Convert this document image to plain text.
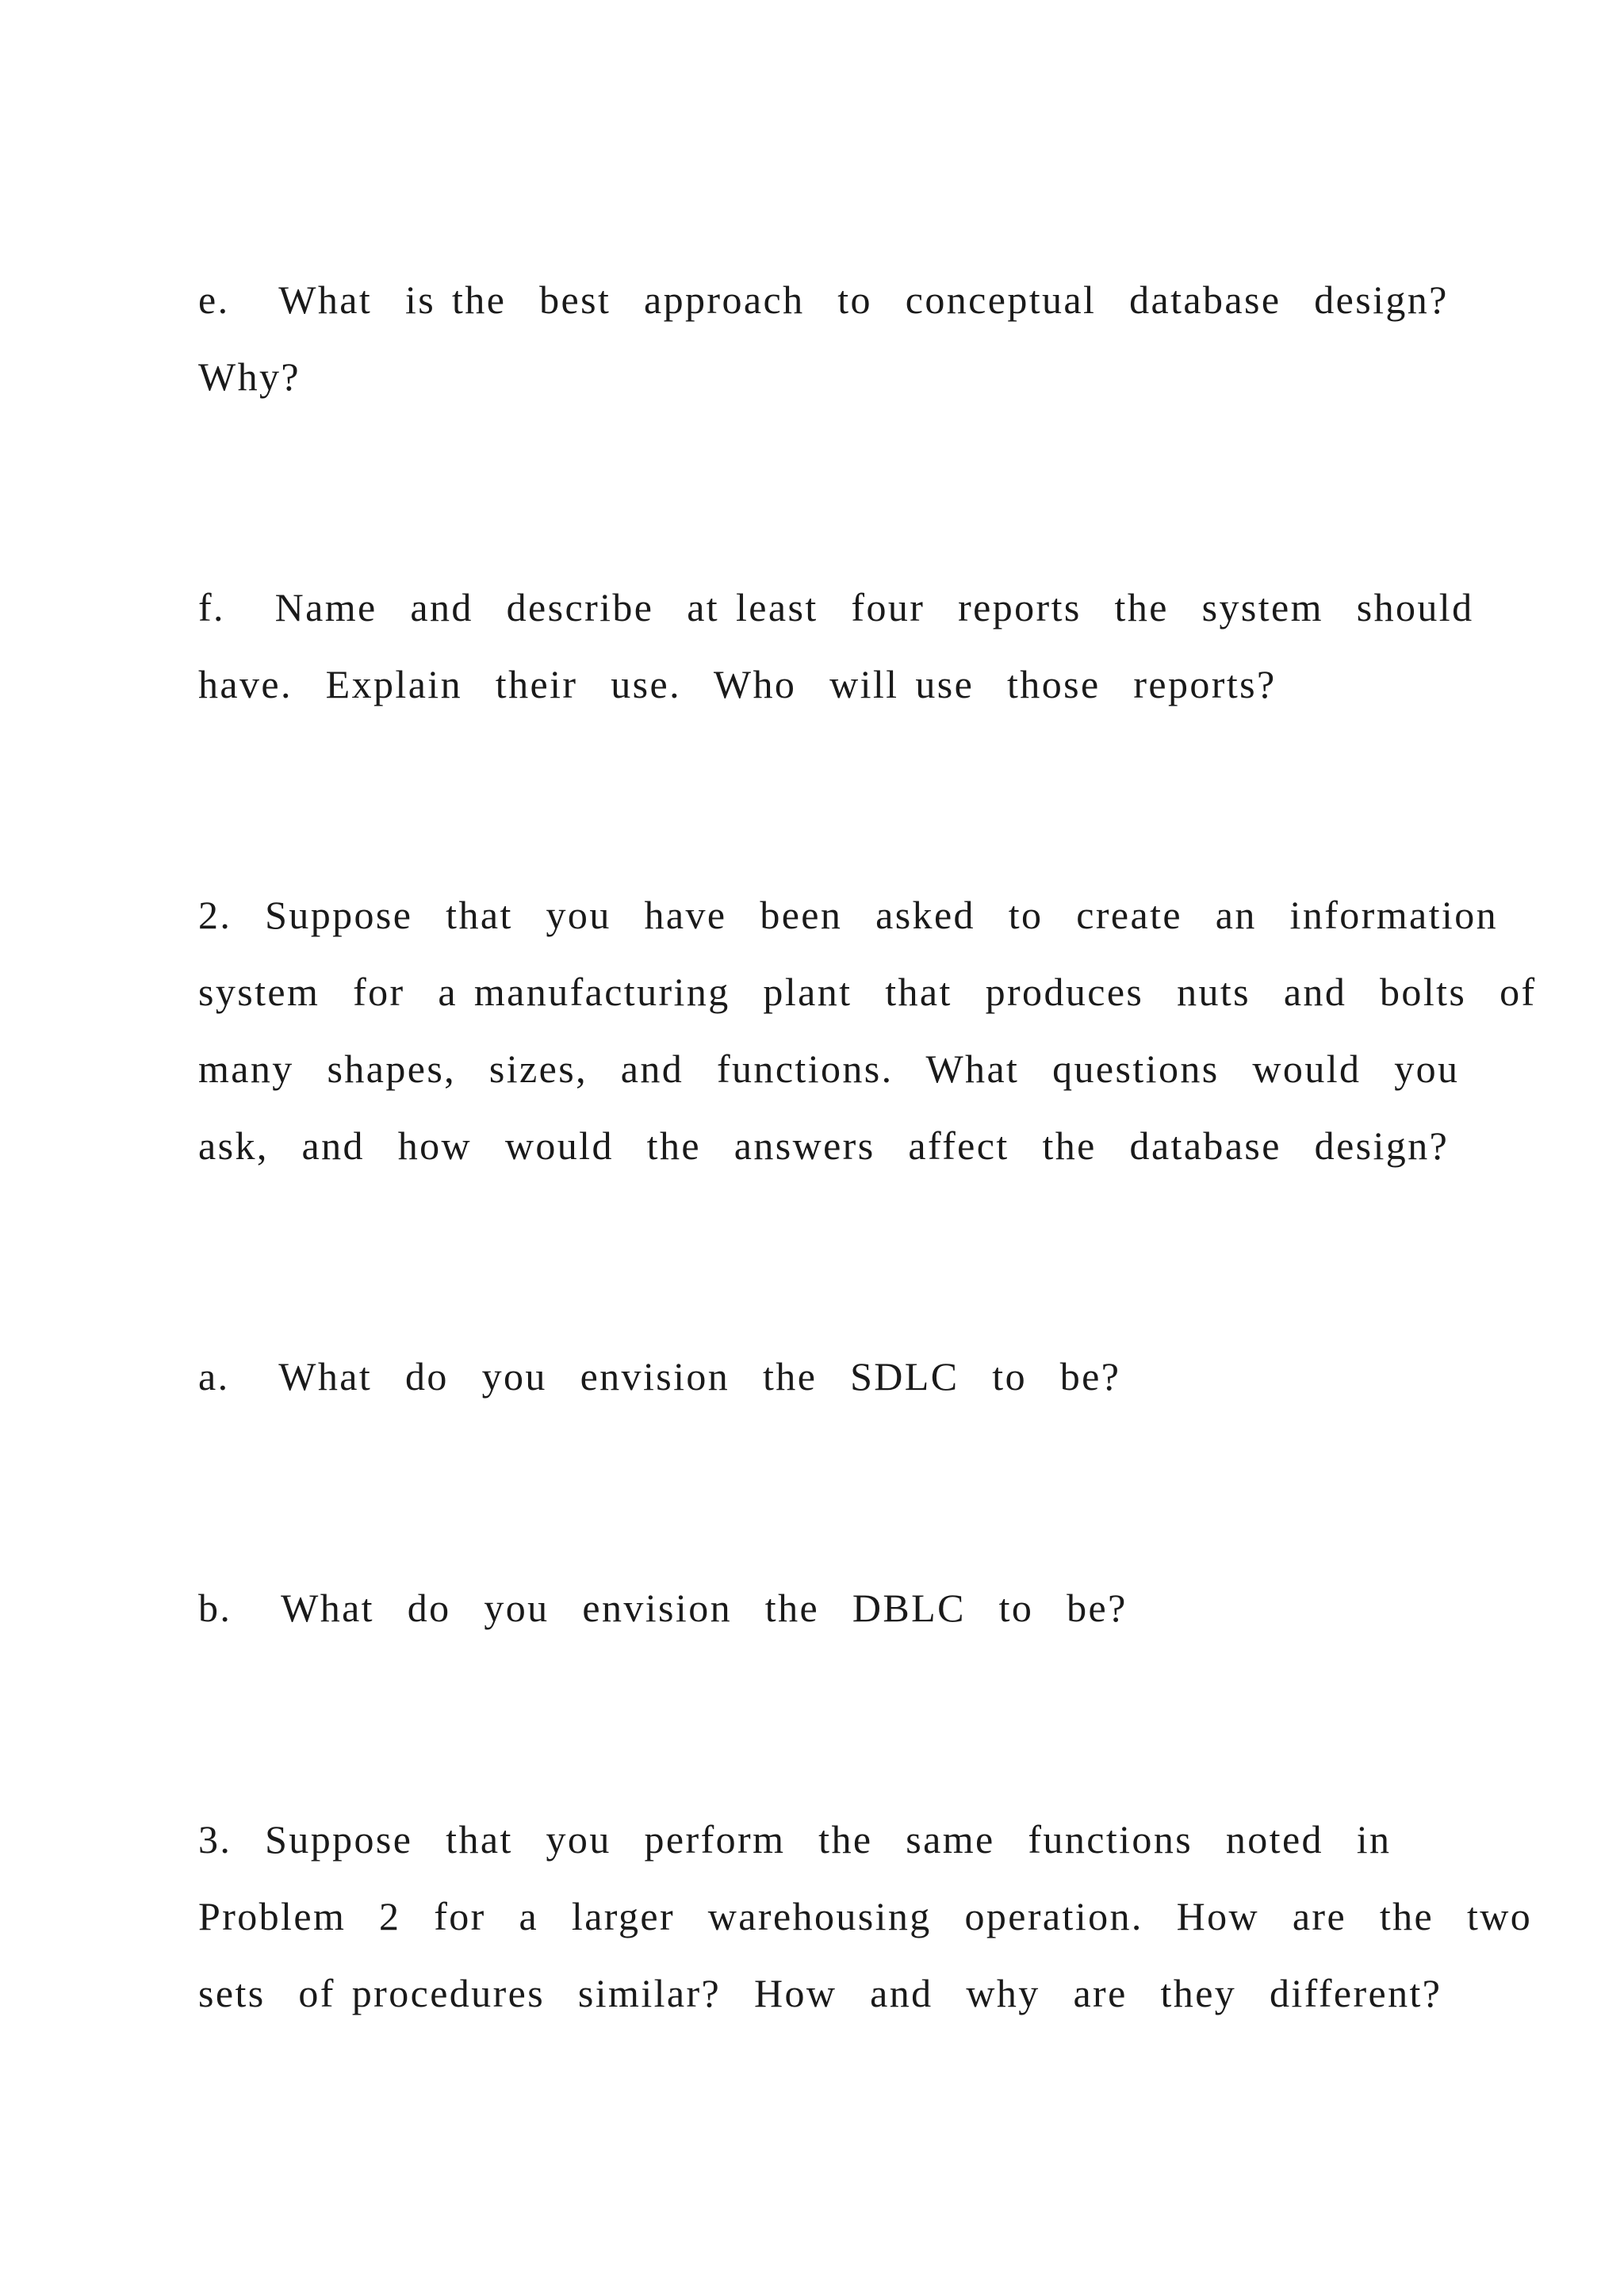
e.   What  is the  best  approach  to  conceptual  database  design?
Why?
f.   Name  and  describe  at least  four  reports  the  system  should
have.  Explain  their  use.  Who  will use  those  reports?
2.  Suppose  that  you  have  been  asked  to  create  an  information
system  for  a manufacturing  plant  that  produces  nuts  and  bolts  of
many  shapes,  sizes,  and  functions.  What  questions  would  you
ask,  and  how  would  the  answers  affect  the  database  design?
a.   What  do  you  envision  the  SDLC  to  be?
b.   What  do  you  envision  the  DBLC  to  be?
3.  Suppose  that  you  perform  the  same  functions  noted  in
Problem  2  for  a  larger  warehousing  operation.  How  are  the  two
sets  of procedures  similar?  How  and  why  are  they  different?
